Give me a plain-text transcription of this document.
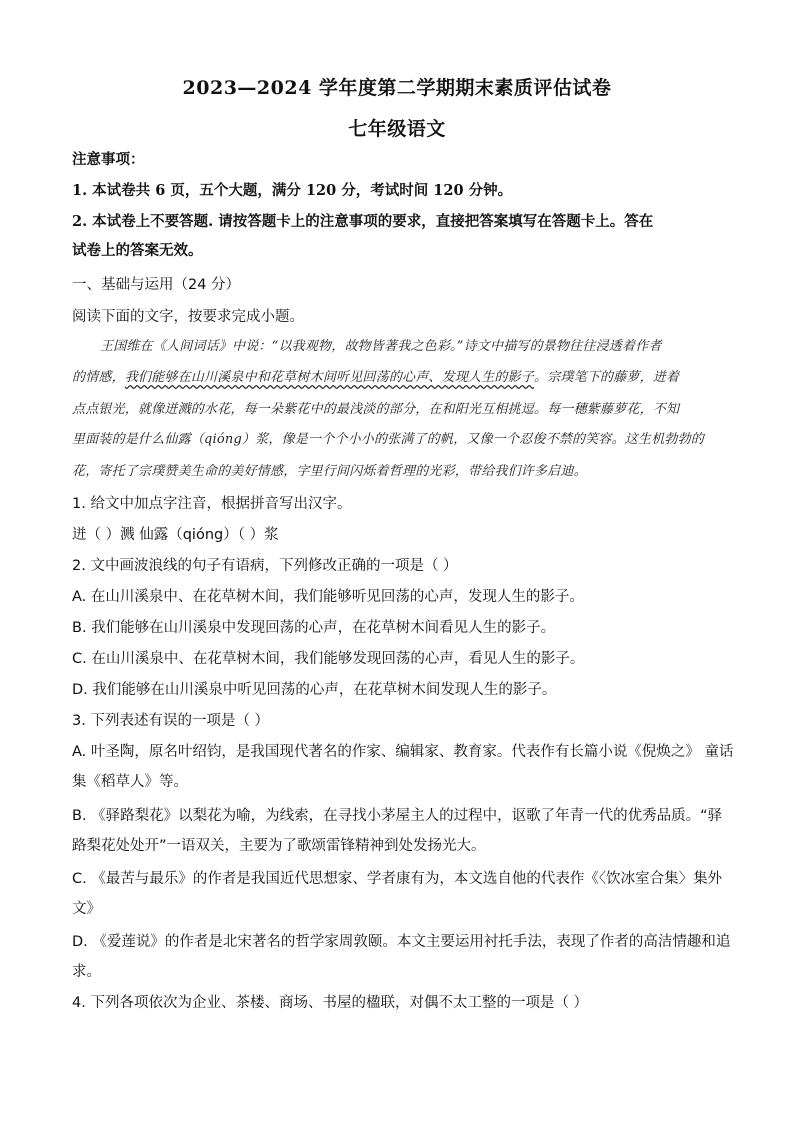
2023—2024 学年度第二学期期末素质评估试卷
七年级语文
注意事项：
1. 本试卷共 6 页，五个大题，满分 120 分，考试时间 120 分钟。
2. 本试卷上不要答题. 请按答题卡上的注意事项的要求，直接把答案填写在答题卡上。答在
试卷上的答案无效。
一、基础与运用（24 分）
阅读下面的文字，按要求完成小题。
王国维在《人间词话》中说：“以我观物，故物皆著我之色彩。”诗文中描写的景物往往浸透着作者
的情感，我们能够在山川溪泉中和花草树木间听见回荡的心声、发现人生的影子。宗璞笔下的藤萝，迸着
点点银光，就像迸溅的水花，每一朵紫花中的最浅淡的部分，在和阳光互相挑逗。每一穗紫藤萝花，不知
里面装的是什么仙露（qióng）浆，像是一个个小小的张满了的帆，又像一个忍俊不禁的笑容。这生机勃勃的
花，寄托了宗璞赞美生命的美好情感，字里行间闪烁着哲理的光彩，带给我们许多启迪。
1. 给文中加点字注音，根据拼音写出汉字。
迸（ ）溅 仙露（qióng）（ ）浆
2. 文中画波浪线的句子有语病，下列修改正确的一项是（ ）
A. 在山川溪泉中、在花草树木间，我们能够听见回荡的心声，发现人生的影子。
B. 我们能够在山川溪泉中发现回荡的心声，在花草树木间看见人生的影子。
C. 在山川溪泉中、在花草树木间，我们能够发现回荡的心声，看见人生的影子。
D. 我们能够在山川溪泉中听见回荡的心声，在花草树木间发现人生的影子。
3. 下列表述有误的一项是（ ）
A. 叶圣陶，原名叶绍钧，是我国现代著名的作家、编辑家、教育家。代表作有长篇小说《倪焕之》 童话
集《稻草人》等。
B. 《驿路梨花》以梨花为喻，为线索，在寻找小茅屋主人的过程中，讴歌了年青一代的优秀品质。“驿
路梨花处处开”一语双关，主要为了歌颂雷锋精神到处发扬光大。
C. 《最苦与最乐》的作者是我国近代思想家、学者康有为，本文选自他的代表作《〈饮冰室合集〉集外
文》
D. 《爱莲说》的作者是北宋著名的哲学家周敦颐。本文主要运用衬托手法，表现了作者的高洁情趣和追
求。
4. 下列各项依次为企业、茶楼、商场、书屋的楹联，对偶不太工整的一项是（ ）
